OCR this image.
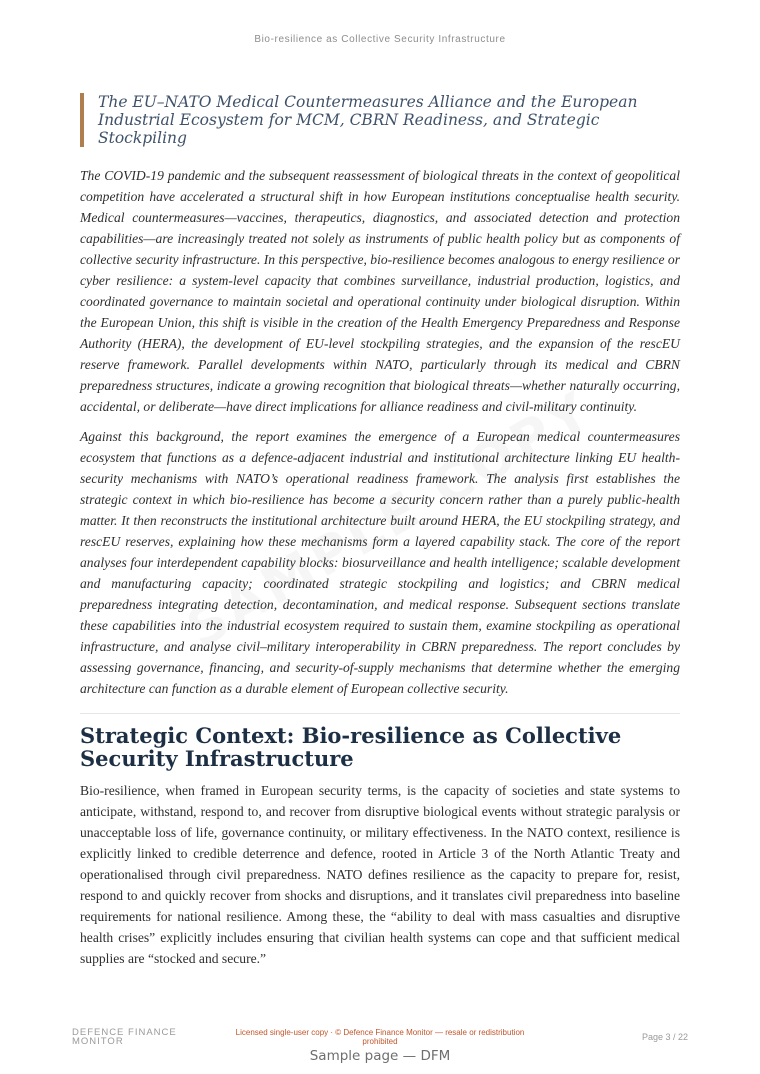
Bio-resilience as Collective Security Infrastructure
The EU–NATO Medical Countermeasures Alliance and the European Industrial Ecosystem for MCM, CBRN Readiness, and Strategic Stockpiling

The COVID-19 pandemic and the subsequent reassessment of biological threats in the context of geopolitical competition have accelerated a structural shift in how European institutions conceptualise health security. Medical countermeasures—vaccines, therapeutics, diagnostics, and associated detection and protection capabilities—are increasingly treated not solely as instruments of public health policy but as components of collective security infrastructure. In this perspective, bio-resilience becomes analogous to energy resilience or cyber resilience: a system-level capacity that combines surveillance, industrial production, logistics, and coordinated governance to maintain societal and operational continuity under biological disruption. Within the European Union, this shift is visible in the creation of the Health Emergency Preparedness and Response Authority (HERA), the development of EU-level stockpiling strategies, and the expansion of the rescEU reserve framework. Parallel developments within NATO, particularly through its medical and CBRN preparedness structures, indicate a growing recognition that biological threats—whether naturally occurring, accidental, or deliberate—have direct implications for alliance readiness and civil-military continuity.

Against this background, the report examines the emergence of a European medical countermeasures ecosystem that functions as a defence-adjacent industrial and institutional architecture linking EU health-security mechanisms with NATO’s operational readiness framework. The analysis first establishes the strategic context in which bio-resilience has become a security concern rather than a purely public-health matter. It then reconstructs the institutional architecture built around HERA, the EU stockpiling strategy, and rescEU reserves, explaining how these mechanisms form a layered capability stack. The core of the report analyses four interdependent capability blocks: biosurveillance and health intelligence; scalable development and manufacturing capacity; coordinated strategic stockpiling and logistics; and CBRN medical preparedness integrating detection, decontamination, and medical response. Subsequent sections translate these capabilities into the industrial ecosystem required to sustain them, examine stockpiling as operational infrastructure, and analyse civil–military interoperability in CBRN preparedness. The report concludes by assessing governance, financing, and security-of-supply mechanisms that determine whether the emerging architecture can function as a durable element of European collective security.

Strategic Context: Bio-resilience as Collective Security Infrastructure

Bio-resilience, when framed in European security terms, is the capacity of societies and state systems to anticipate, withstand, respond to, and recover from disruptive biological events without strategic paralysis or unacceptable loss of life, governance continuity, or military effectiveness. In the NATO context, resilience is explicitly linked to credible deterrence and defence, rooted in Article 3 of the North Atlantic Treaty and operationalised through civil preparedness. NATO defines resilience as the capacity to prepare for, resist, respond to and quickly recover from shocks and disruptions, and it translates civil preparedness into baseline requirements for national resilience. Among these, the “ability to deal with mass casualties and disruptive health crises” explicitly includes ensuring that civilian health systems can cope and that sufficient medical supplies are “stocked and secure.”

DEFENCE FINANCE
MONITOR
Licensed single-user copy · © Defence Finance Monitor — resale or redistribution prohibited	Page 3 / 22
Sample page — DFM
